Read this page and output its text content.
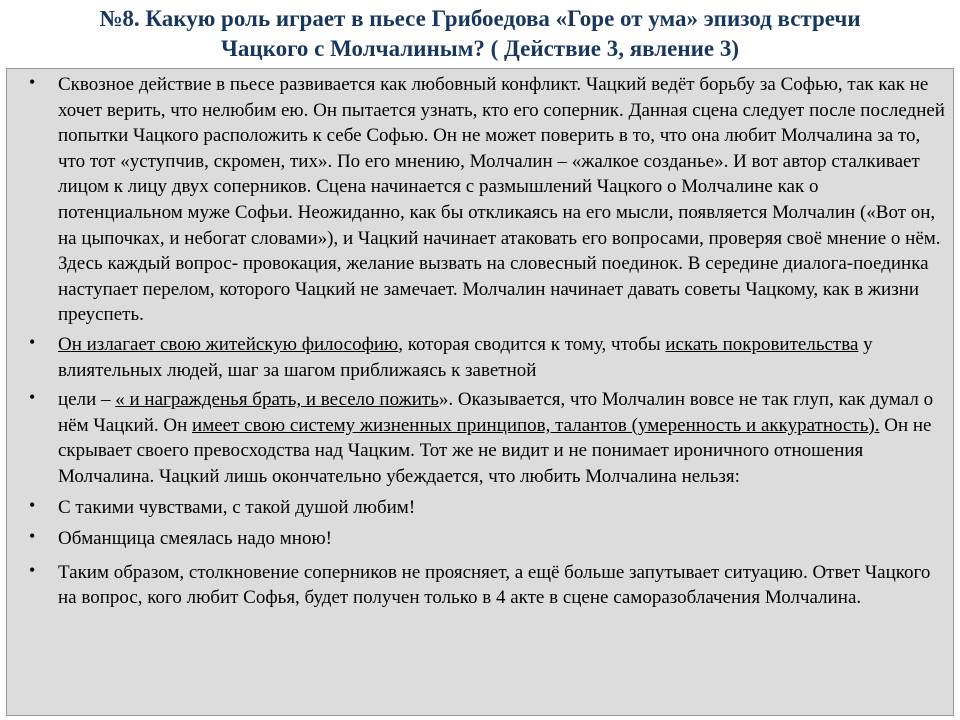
№8. Какую роль играет в пьесе Грибоедова «Горе от ума» эпизод встречи
Чацкого с Молчалиным? ( Действие 3, явление 3)
• Сквозное действие в пьесе развивается как любовный конфликт. Чацкий ведёт борьбу за Софью, так как не хочет верить, что нелюбим ею. Он пытается узнать, кто его соперник. Данная сцена следует после последней попытки Чацкого расположить к себе Софью. Он не может поверить в то, что она любит Молчалина за то, что тот «уступчив, скромен, тих». По его мнению, Молчалин – «жалкое созданье». И вот автор сталкивает лицом к лицу двух соперников. Сцена начинается с размышлений Чацкого о Молчалине как о потенциальном муже Софьи. Неожиданно, как бы откликаясь на его мысли, появляется Молчалин («Вот он, на цыпочках, и небогат словами»), и Чацкий начинает атаковать его вопросами, проверяя своё мнение о нём. Здесь каждый вопрос- провокация, желание вызвать на словесный поединок. В середине диалога-поединка наступает перелом, которого Чацкий не замечает. Молчалин начинает давать советы Чацкому, как в жизни преуспеть.
• Он излагает свою житейскую философию, которая сводится к тому, чтобы искать покровительства у влиятельных людей, шаг за шагом приближаясь к заветной
• цели – « и награжденья брать, и весело пожить». Оказывается, что Молчалин вовсе не так глуп, как думал о нём Чацкий. Он имеет свою систему жизненных принципов, талантов (умеренность и аккуратность). Он не скрывает своего превосходства над Чацким. Тот же не видит и не понимает ироничного отношения Молчалина. Чацкий лишь окончательно убеждается, что любить Молчалина нельзя:
• С такими чувствами, с такой душой любим!
• Обманщица смеялась надо мною!
• Таким образом, столкновение соперников не проясняет, а ещё больше запутывает ситуацию. Ответ Чацкого на вопрос, кого любит Софья, будет получен только в 4 акте в сцене саморазоблачения Молчалина.
